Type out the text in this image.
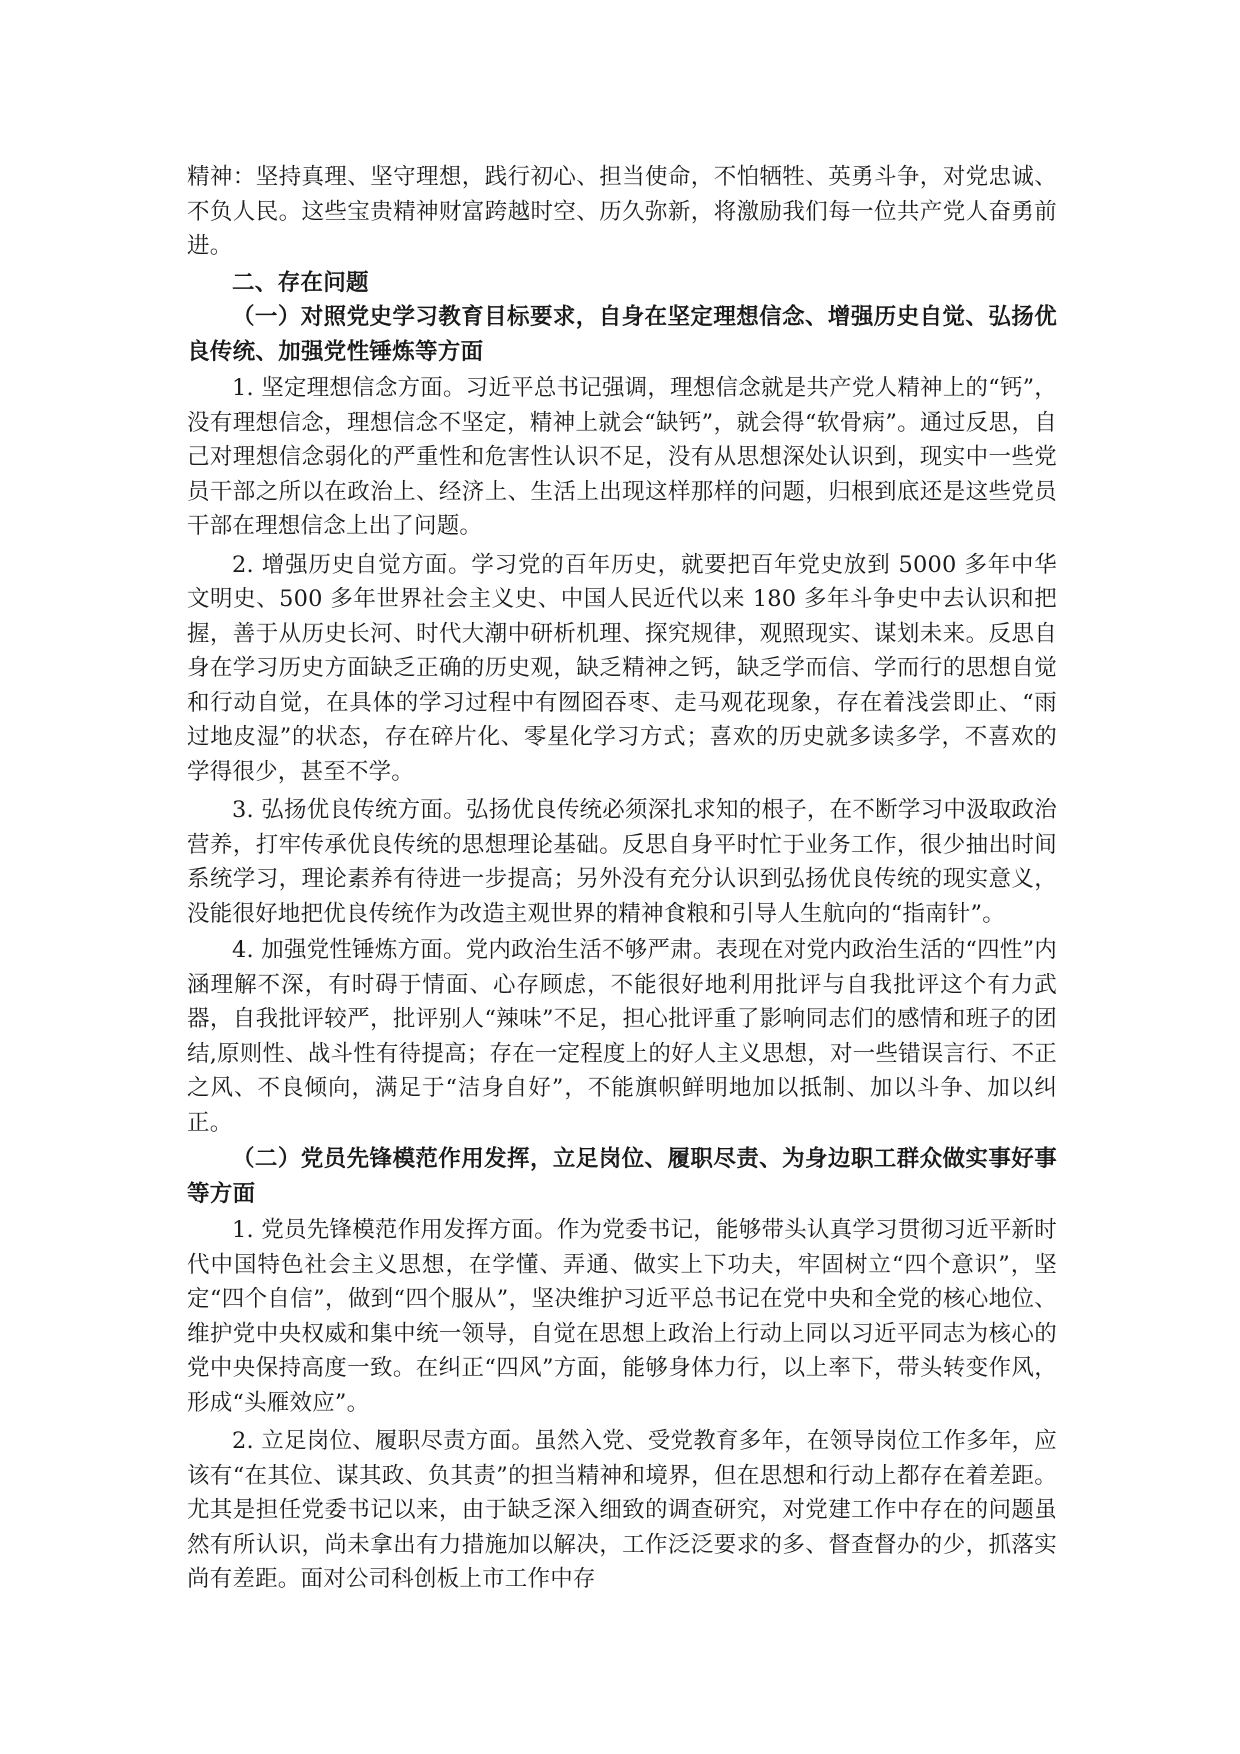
精神：坚持真理、坚守理想，践行初心、担当使命，不怕牺牲、英勇斗争，对党忠诚、不负人民。这些宝贵精神财富跨越时空、历久弥新，将激励我们每一位共产党人奋勇前进。

二、存在问题

（一）对照党史学习教育目标要求，自身在坚定理想信念、增强历史自觉、弘扬优良传统、加强党性锤炼等方面

1. 坚定理想信念方面。习近平总书记强调，理想信念就是共产党人精神上的“钙”，没有理想信念，理想信念不坚定，精神上就会“缺钙”，就会得“软骨病”。通过反思，自己对理想信念弱化的严重性和危害性认识不足，没有从思想深处认识到，现实中一些党员干部之所以在政治上、经济上、生活上出现这样那样的问题，归根到底还是这些党员干部在理想信念上出了问题。

2. 增强历史自觉方面。学习党的百年历史，就要把百年党史放到 5000 多年中华文明史、500 多年世界社会主义史、中国人民近代以来 180 多年斗争史中去认识和把握，善于从历史长河、时代大潮中研析机理、探究规律，观照现实、谋划未来。反思自身在学习历史方面缺乏正确的历史观，缺乏精神之钙，缺乏学而信、学而行的思想自觉和行动自觉，在具体的学习过程中有囫囵吞枣、走马观花现象，存在着浅尝即止、“雨过地皮湿”的状态，存在碎片化、零星化学习方式；喜欢的历史就多读多学，不喜欢的学得很少，甚至不学。

3. 弘扬优良传统方面。弘扬优良传统必须深扎求知的根子，在不断学习中汲取政治营养，打牢传承优良传统的思想理论基础。反思自身平时忙于业务工作，很少抽出时间系统学习，理论素养有待进一步提高；另外没有充分认识到弘扬优良传统的现实意义，没能很好地把优良传统作为改造主观世界的精神食粮和引导人生航向的“指南针”。

4. 加强党性锤炼方面。党内政治生活不够严肃。表现在对党内政治生活的“四性”内涵理解不深，有时碍于情面、心存顾虑，不能很好地利用批评与自我批评这个有力武器，自我批评较严，批评别人“辣味”不足，担心批评重了影响同志们的感情和班子的团结,原则性、战斗性有待提高；存在一定程度上的好人主义思想，对一些错误言行、不正之风、不良倾向，满足于“洁身自好”，不能旗帜鲜明地加以抵制、加以斗争、加以纠正。

（二）党员先锋模范作用发挥，立足岗位、履职尽责、为身边职工群众做实事好事等方面

1. 党员先锋模范作用发挥方面。作为党委书记，能够带头认真学习贯彻习近平新时代中国特色社会主义思想，在学懂、弄通、做实上下功夫，牢固树立“四个意识”，坚定“四个自信”，做到“四个服从”，坚决维护习近平总书记在党中央和全党的核心地位、维护党中央权威和集中统一领导，自觉在思想上政治上行动上同以习近平同志为核心的党中央保持高度一致。在纠正“四风”方面，能够身体力行，以上率下，带头转变作风，形成“头雁效应”。

2. 立足岗位、履职尽责方面。虽然入党、受党教育多年，在领导岗位工作多年，应该有“在其位、谋其政、负其责”的担当精神和境界，但在思想和行动上都存在着差距。尤其是担任党委书记以来，由于缺乏深入细致的调查研究，对党建工作中存在的问题虽然有所认识，尚未拿出有力措施加以解决，工作泛泛要求的多、督查督办的少，抓落实尚有差距。面对公司科创板上市工作中存
